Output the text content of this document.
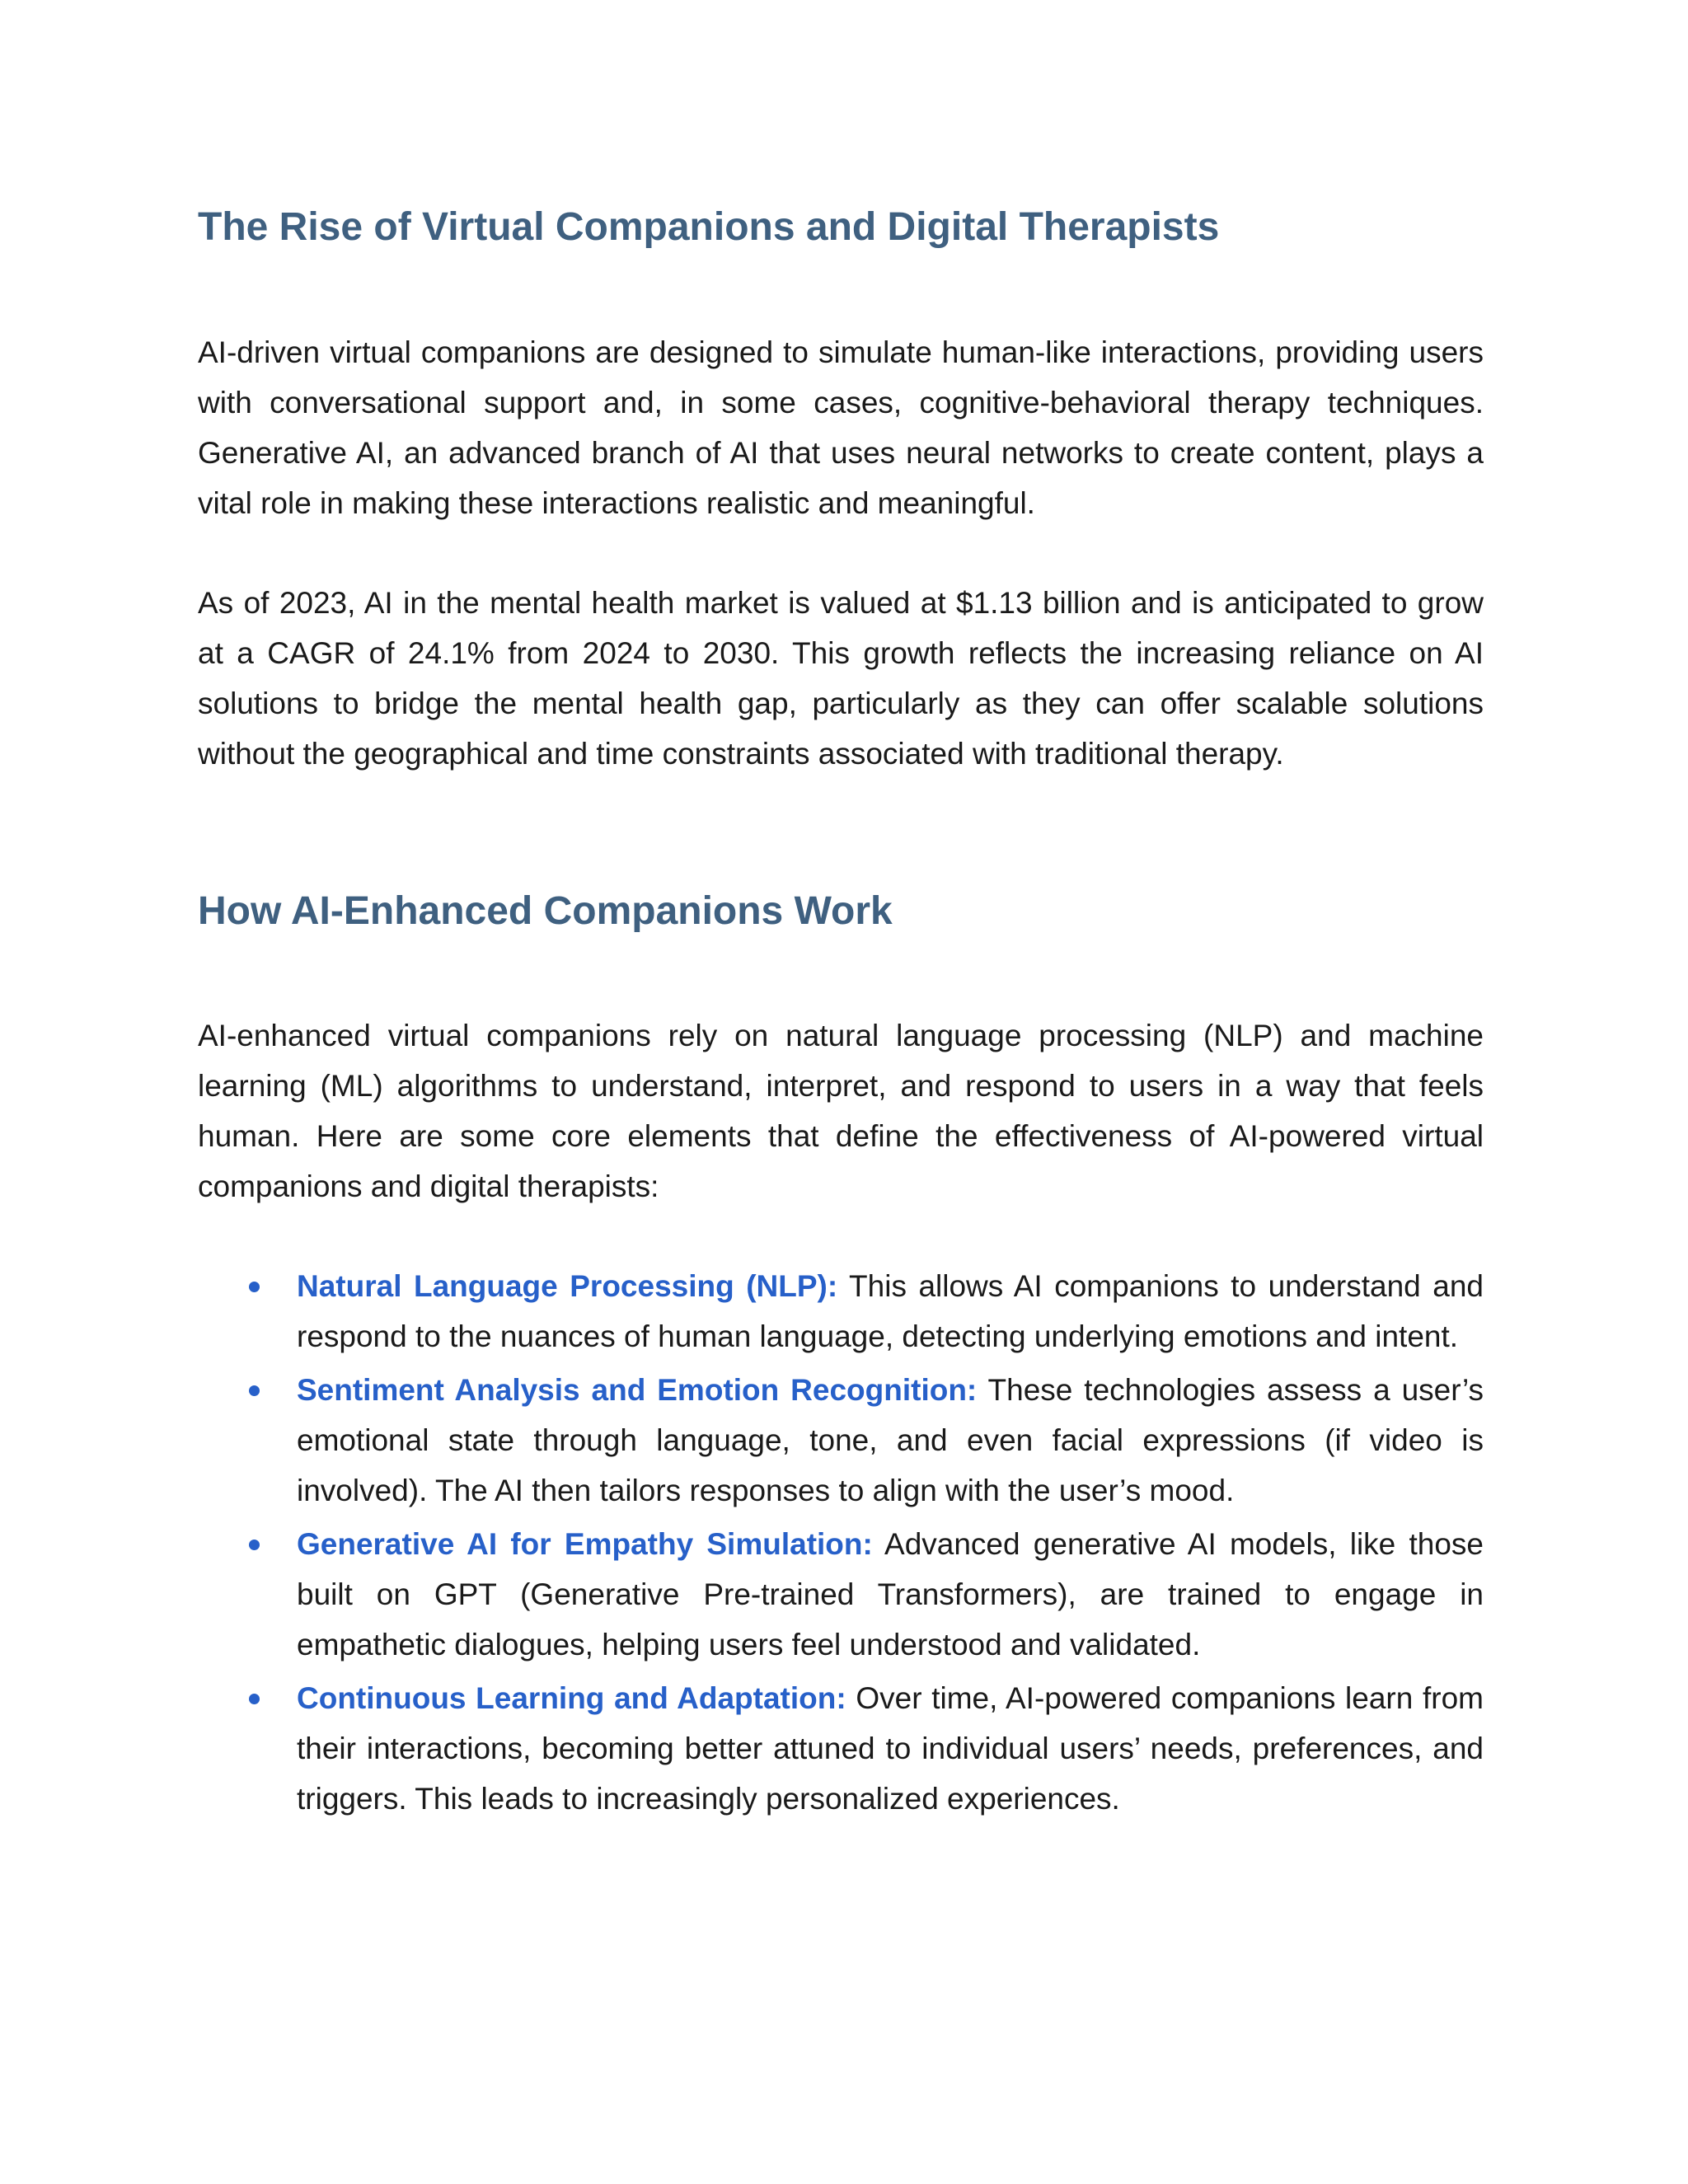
The Rise of Virtual Companions and Digital Therapists

AI-driven virtual companions are designed to simulate human-like interactions, providing users with conversational support and, in some cases, cognitive-behavioral therapy techniques. Generative AI, an advanced branch of AI that uses neural networks to create content, plays a vital role in making these interactions realistic and meaningful.

As of 2023, AI in the mental health market is valued at $1.13 billion and is anticipated to grow at a CAGR of 24.1% from 2024 to 2030. This growth reflects the increasing reliance on AI solutions to bridge the mental health gap, particularly as they can offer scalable solutions without the geographical and time constraints associated with traditional therapy.

How AI-Enhanced Companions Work

AI-enhanced virtual companions rely on natural language processing (NLP) and machine learning (ML) algorithms to understand, interpret, and respond to users in a way that feels human. Here are some core elements that define the effectiveness of AI-powered virtual companions and digital therapists:

Natural Language Processing (NLP): This allows AI companions to understand and respond to the nuances of human language, detecting underlying emotions and intent.
Sentiment Analysis and Emotion Recognition: These technologies assess a user’s emotional state through language, tone, and even facial expressions (if video is involved). The AI then tailors responses to align with the user’s mood.
Generative AI for Empathy Simulation: Advanced generative AI models, like those built on GPT (Generative Pre-trained Transformers), are trained to engage in empathetic dialogues, helping users feel understood and validated.
Continuous Learning and Adaptation: Over time, AI-powered companions learn from their interactions, becoming better attuned to individual users’ needs, preferences, and triggers. This leads to increasingly personalized experiences.
